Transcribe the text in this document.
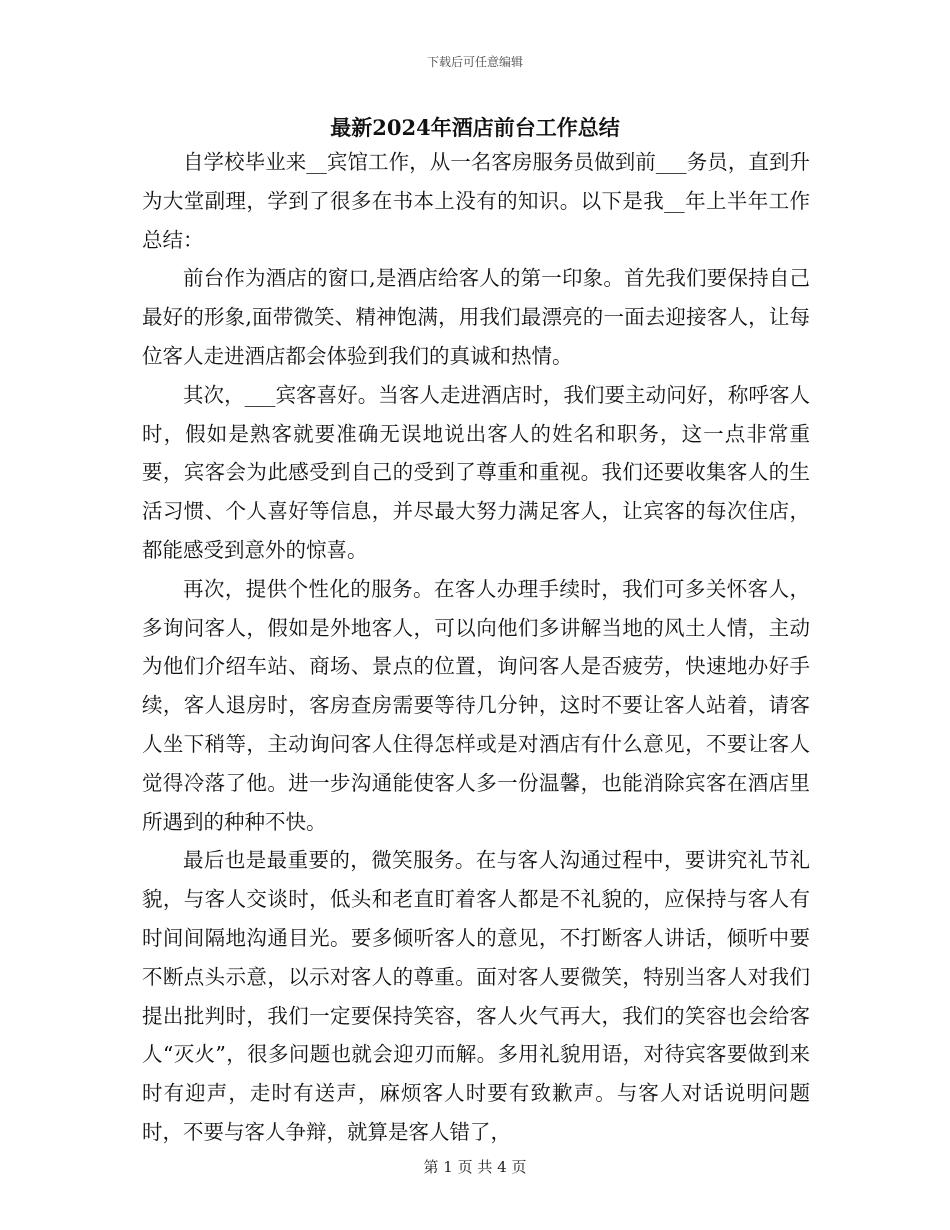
下载后可任意编辑
最新2024年酒店前台工作总结

自学校毕业来__宾馆工作，从一名客房服务员做到前___务员，直到升为大堂副理，学到了很多在书本上没有的知识。以下是我__年上半年工作总结：

前台作为酒店的窗口,是酒店给客人的第一印象。首先我们要保持自己最好的形象,面带微笑、精神饱满，用我们最漂亮的一面去迎接客人，让每位客人走进酒店都会体验到我们的真诚和热情。

其次，___宾客喜好。当客人走进酒店时，我们要主动问好，称呼客人时，假如是熟客就要准确无误地说出客人的姓名和职务，这一点非常重要，宾客会为此感受到自己的受到了尊重和重视。我们还要收集客人的生活习惯、个人喜好等信息，并尽最大努力满足客人，让宾客的每次住店，都能感受到意外的惊喜。

再次，提供个性化的服务。在客人办理手续时，我们可多关怀客人，多询问客人，假如是外地客人，可以向他们多讲解当地的风土人情，主动为他们介绍车站、商场、景点的位置，询问客人是否疲劳，快速地办好手续，客人退房时，客房查房需要等待几分钟，这时不要让客人站着，请客人坐下稍等，主动询问客人住得怎样或是对酒店有什么意见，不要让客人觉得冷落了他。进一步沟通能使客人多一份温馨，也能消除宾客在酒店里所遇到的种种不快。

最后也是最重要的，微笑服务。在与客人沟通过程中，要讲究礼节礼貌，与客人交谈时，低头和老直盯着客人都是不礼貌的，应保持与客人有时间间隔地沟通目光。要多倾听客人的意见，不打断客人讲话，倾听中要不断点头示意，以示对客人的尊重。面对客人要微笑，特别当客人对我们提出批判时，我们一定要保持笑容，客人火气再大，我们的笑容也会给客人“灭火”，很多问题也就会迎刃而解。多用礼貌用语，对待宾客要做到来时有迎声，走时有送声，麻烦客人时要有致歉声。与客人对话说明问题时，不要与客人争辩，就算是客人错了，

第 1 页 共 4 页
